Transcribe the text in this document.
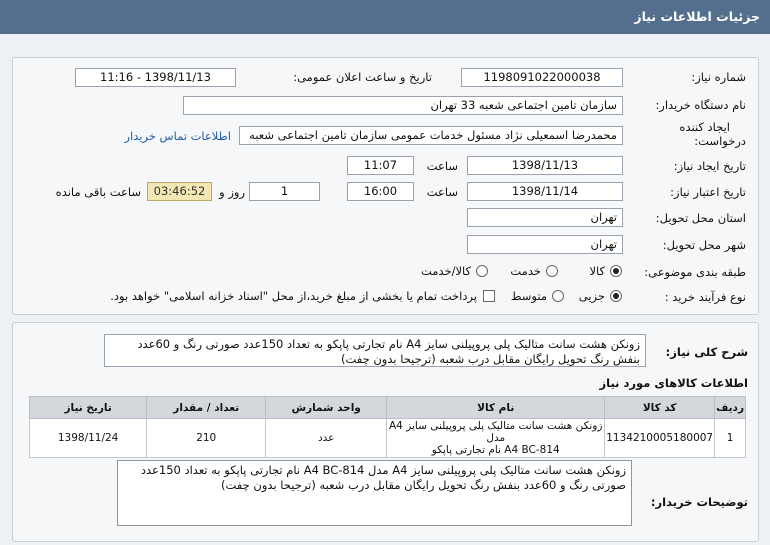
جزئیات اطلاعات نیاز
شماره نیاز:
1198091022000038
تاریخ و ساعت اعلان عمومی:
1398/11/13 - 11:16
نام دستگاه خریدار:
سازمان تامین اجتماعی شعبه 33 تهران
ایجاد کننده
درخواست:
محمدرضا اسمعیلی نژاد مسئول خدمات عمومی سازمان تامین اجتماعی شعبه
اطلاعات تماس خریدار
تاریخ ایجاد نیاز:
1398/11/13
ساعت
11:07
تاریخ اعتبار نیاز:
1398/11/14
ساعت
16:00
1
روز و
03:46:52
ساعت باقی مانده
استان محل تحویل:
تهران
شهر محل تحویل:
تهران
طبقه بندی موضوعی:
کالا
خدمت
کالا/خدمت
نوع فرآیند خرید :
جزیی
متوسط
پرداخت تمام یا بخشی از مبلغ خرید،از محل "اسناد خزانه اسلامی" خواهد بود.
شرح کلی نیاز:
زونکن هشت سانت متالیک پلی پروپیلنی سایز A4 نام تجارتی پاپکو به تعداد 150عدد صورتی رنگ و 60عدد بنفش رنگ تحویل رایگان مقابل درب شعبه (ترجیحا بدون چفت)
اطلاعات کالاهای مورد نیاز
ردیف	کد کالا	نام کالا	واحد شمارش	تعداد / مقدار	تاریخ نیاز
1	1134210005180007	زونکن هشت سانت متالیک پلی پروپیلنی سایز A4 مدل
A4 BC-814 نام تجارتی پاپکو	عدد	210	1398/11/24
توضیحات خریدار:
زونکن هشت سانت متالیک پلی پروپیلنی سایز A4 مدل A4 BC-814 نام تجارتی پاپکو به تعداد 150عدد صورتی رنگ و 60عدد بنفش رنگ تحویل رایگان مقابل درب شعبه (ترجیحا بدون چفت)
